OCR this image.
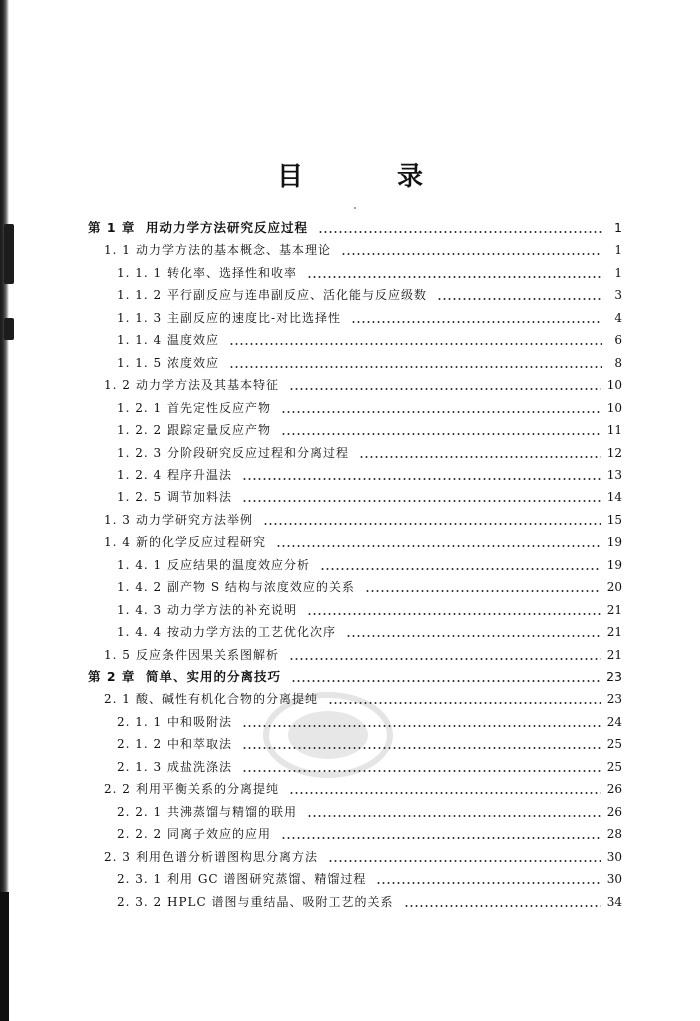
目　录
第 1 章 用动力学方法研究反应过程	1
1. 1 动力学方法的基本概念、基本理论	1
1. 1. 1 转化率、选择性和收率	1
1. 1. 2 平行副反应与连串副反应、活化能与反应级数	3
1. 1. 3 主副反应的速度比-对比选择性	4
1. 1. 4 温度效应	6
1. 1. 5 浓度效应	8
1. 2 动力学方法及其基本特征	10
1. 2. 1 首先定性反应产物	10
1. 2. 2 跟踪定量反应产物	11
1. 2. 3 分阶段研究反应过程和分离过程	12
1. 2. 4 程序升温法	13
1. 2. 5 调节加料法	14
1. 3 动力学研究方法举例	15
1. 4 新的化学反应过程研究	19
1. 4. 1 反应结果的温度效应分析	19
1. 4. 2 副产物 S 结构与浓度效应的关系	20
1. 4. 3 动力学方法的补充说明	21
1. 4. 4 按动力学方法的工艺优化次序	21
1. 5 反应条件因果关系图解析	21
第 2 章 简单、实用的分离技巧	23
2. 1 酸、碱性有机化合物的分离提纯	23
2. 1. 1 中和吸附法	24
2. 1. 2 中和萃取法	25
2. 1. 3 成盐洗涤法	25
2. 2 利用平衡关系的分离提纯	26
2. 2. 1 共沸蒸馏与精馏的联用	26
2. 2. 2 同离子效应的应用	28
2. 3 利用色谱分析谱图构思分离方法	30
2. 3. 1 利用 GC 谱图研究蒸馏、精馏过程	30
2. 3. 2 HPLC 谱图与重结晶、吸附工艺的关系	34
